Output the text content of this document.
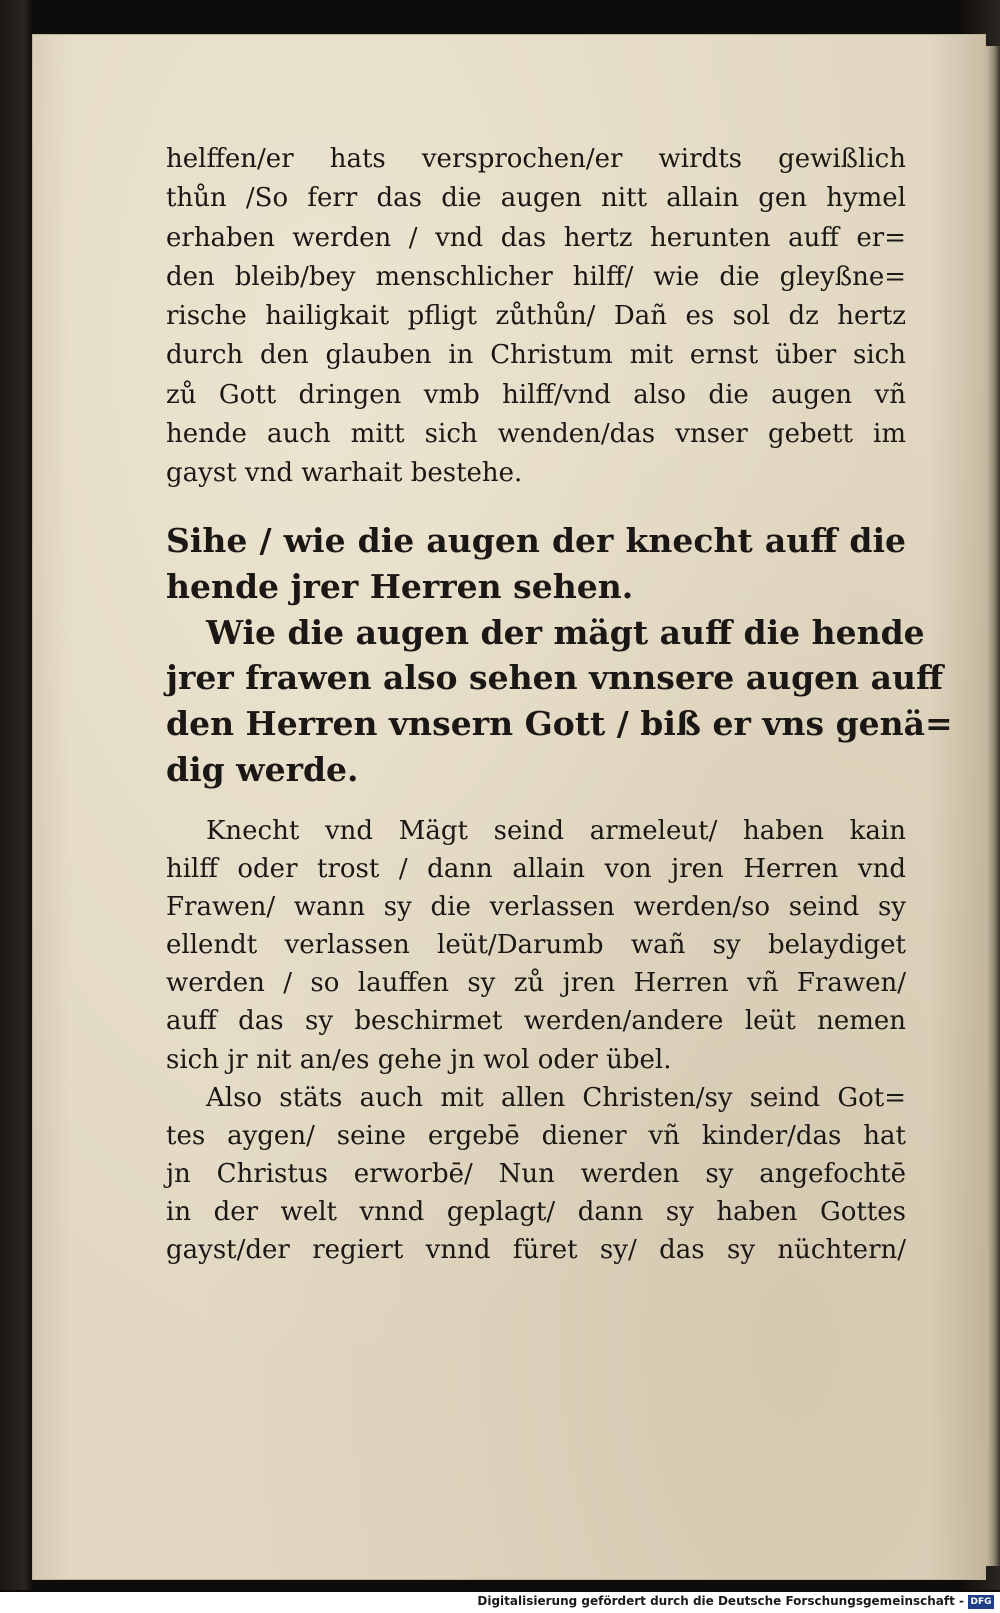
helffen/er hats versprochen/er wirdts gewißlich
thůn /So ferr das die augen nitt allain gen hymel
erhaben werden / vnd das hertz herunten auff er=
den bleib/bey menschlicher hilff/ wie die gleyßne=
rische hailigkait pfligt zůthůn/ Dañ es sol dz hertz
durch den glauben in Christum mit ernst über sich
zů Gott dringen vmb hilff/vnd also die augen vñ
hende auch mitt sich wenden/das vnser gebett im
gayst vnd warhait bestehe.
Sihe / wie die augen der knecht auff die
hende jrer Herren sehen.
Wie die augen der mägt auff die hende
jrer frawen also sehen vnnsere augen auff
den Herren vnsern Gott / biß er vns genä=
dig werde.
Knecht vnd Mägt seind armeleut/ haben kain
hilff oder trost / dann allain von jren Herren vnd
Frawen/ wann sy die verlassen werden/so seind sy
ellendt verlassen leüt/Darumb wañ sy belaydiget
werden / so lauffen sy zů jren Herren vñ Frawen/
auff das sy beschirmet werden/andere leüt nemen
sich jr nit an/es gehe jn wol oder übel.
Also stäts auch mit allen Christen/sy seind Got=
tes aygen/ seine ergebē diener vñ kinder/das hat
jn Christus erworbē/ Nun werden sy angefochtē
in der welt vnnd geplagt/ dann sy haben Gottes
gayst/der regiert vnnd füret sy/ das sy nüchtern/
Digitalisierung gefördert durch die Deutsche Forschungsgemeinschaft - DFG
